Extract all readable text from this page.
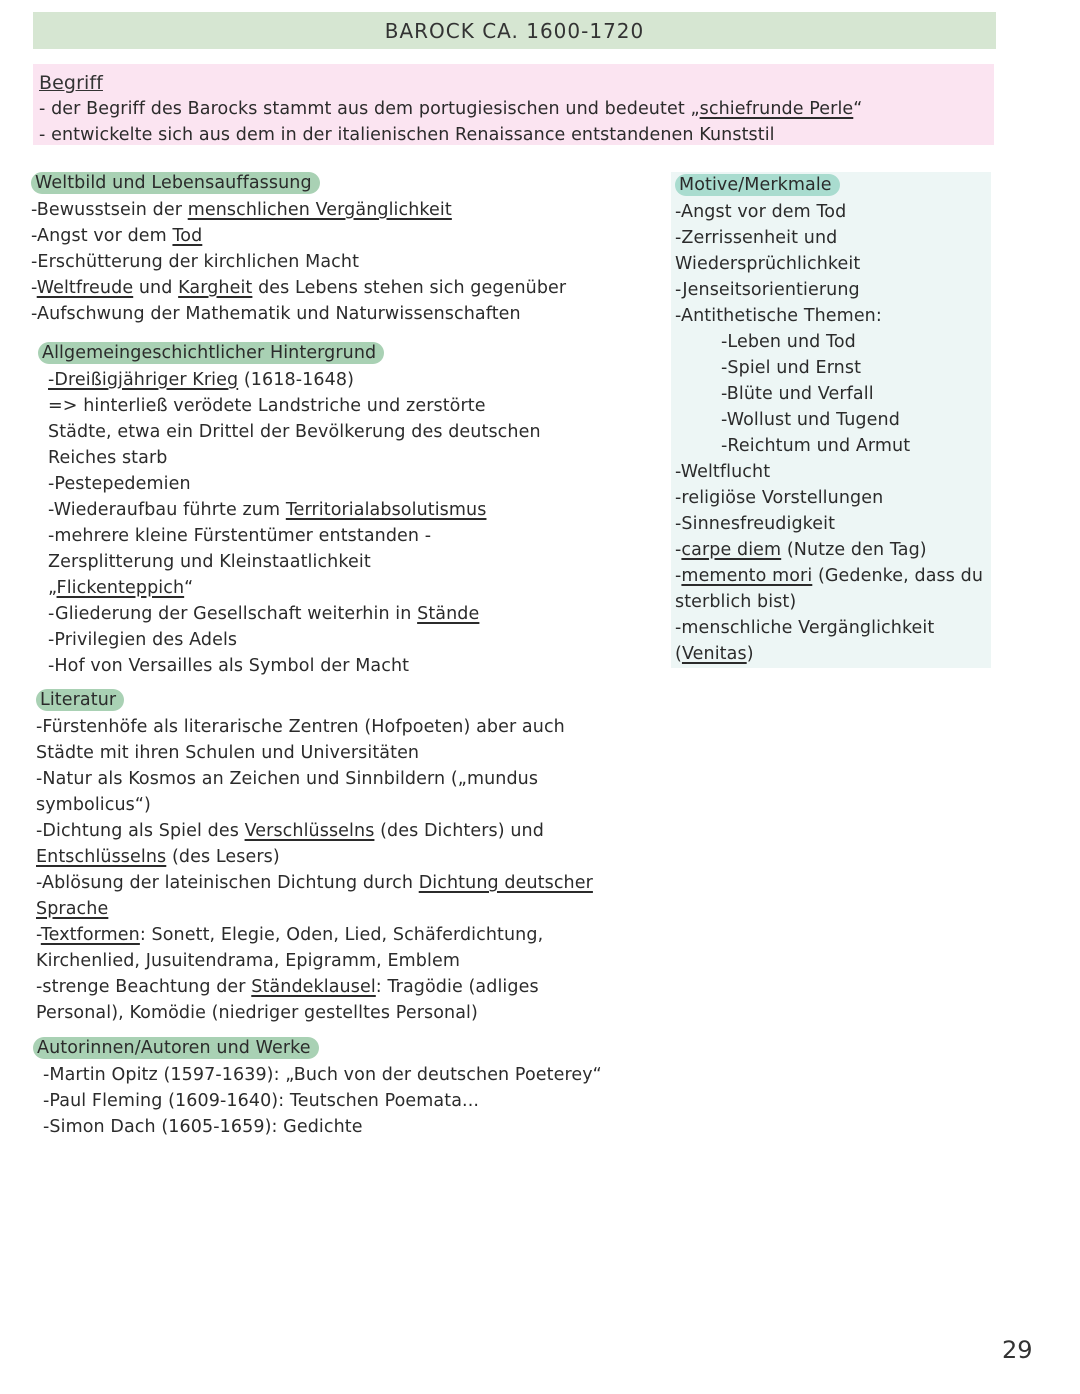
BAROCK CA. 1600-1720
Begriff
- der Begriff des Barocks stammt aus dem portugiesischen und bedeutet „schiefrunde Perle“
- entwickelte sich aus dem in der italienischen Renaissance entstandenen Kunststil
Weltbild und Lebensauffassung
-Bewusstsein der menschlichen Vergänglichkeit
-Angst vor dem Tod
-Erschütterung der kirchlichen Macht
-Weltfreude und Kargheit des Lebens stehen sich gegenüber
-Aufschwung der Mathematik und Naturwissenschaften
Allgemeingeschichtlicher Hintergrund
-Dreißigjähriger Krieg (1618-1648)
=> hinterließ verödete Landstriche und zerstörte
Städte, etwa ein Drittel der Bevölkerung des deutschen
Reiches starb
-Pestepedemien
-Wiederaufbau führte zum Territorialabsolutismus
-mehrere kleine Fürstentümer entstanden -
Zersplitterung und Kleinstaatlichkeit
„Flickenteppich“
-Gliederung der Gesellschaft weiterhin in Stände
-Privilegien des Adels
-Hof von Versailles als Symbol der Macht
Literatur
-Fürstenhöfe als literarische Zentren (Hofpoeten) aber auch
Städte mit ihren Schulen und Universitäten
-Natur als Kosmos an Zeichen und Sinnbildern („mundus
symbolicus“)
-Dichtung als Spiel des Verschlüsselns (des Dichters) und
Entschlüsselns (des Lesers)
-Ablösung der lateinischen Dichtung durch Dichtung deutscher
Sprache
-Textformen: Sonett, Elegie, Oden, Lied, Schäferdichtung,
Kirchenlied, Jusuitendrama, Epigramm, Emblem
-strenge Beachtung der Ständeklausel: Tragödie (adliges
Personal), Komödie (niedriger gestelltes Personal)
Autorinnen/Autoren und Werke
-Martin Opitz (1597-1639): „Buch von der deutschen Poeterey“
-Paul Fleming (1609-1640): Teutschen Poemata...
-Simon Dach (1605-1659): Gedichte
Motive/Merkmale
-Angst vor dem Tod
-Zerrissenheit und
Wiedersprüchlichkeit
-Jenseitsorientierung
-Antithetische Themen:
-Leben und Tod
-Spiel und Ernst
-Blüte und Verfall
-Wollust und Tugend
-Reichtum und Armut
-Weltflucht
-religiöse Vorstellungen
-Sinnesfreudigkeit
-carpe diem (Nutze den Tag)
-memento mori (Gedenke, dass du
sterblich bist)
-menschliche Vergänglichkeit
(Venitas)
29
